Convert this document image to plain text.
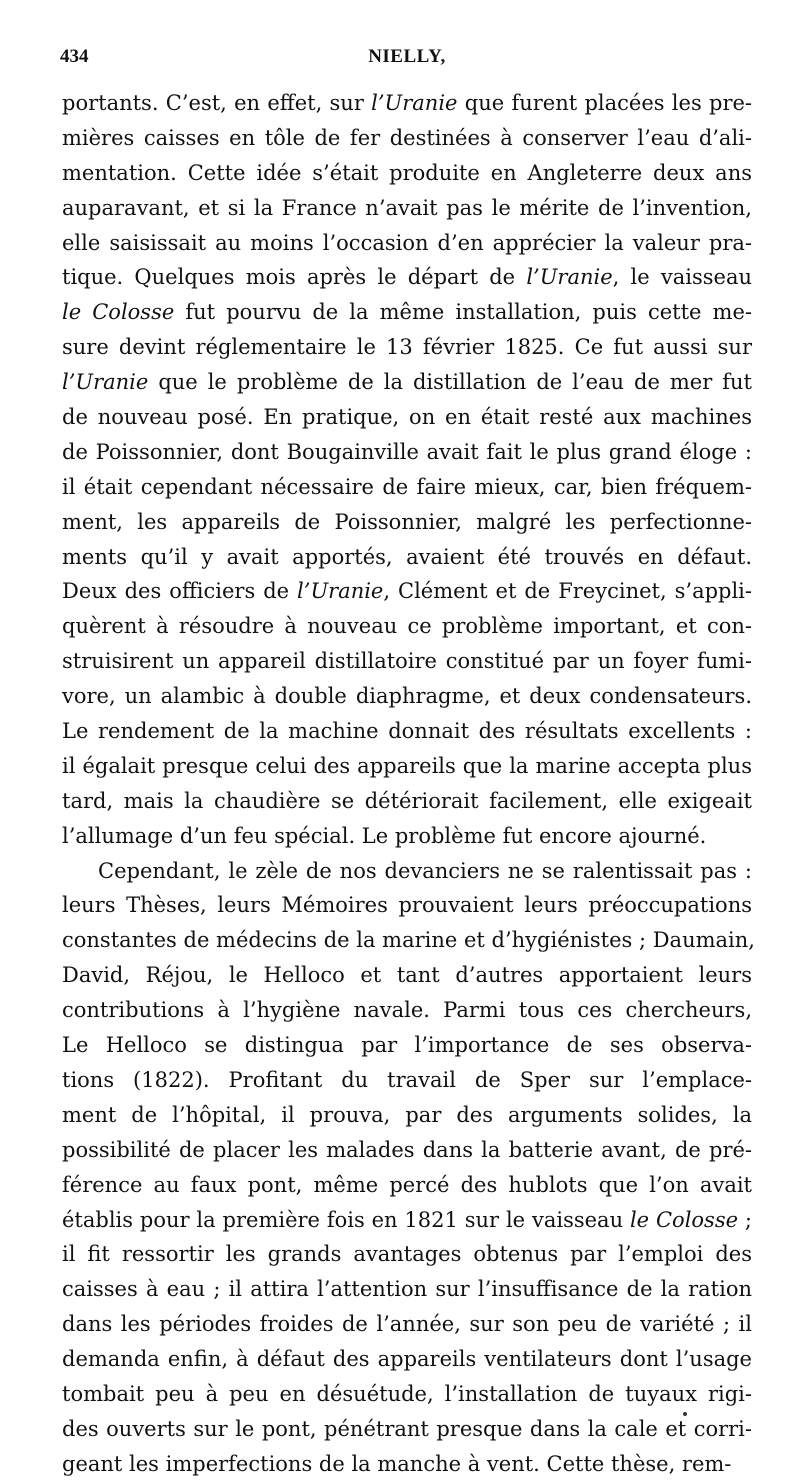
434	NIELLY,
portants. C’est, en effet, sur l’Uranie que furent placées les pre-
mières caisses en tôle de fer destinées à conserver l’eau d’ali-
mentation. Cette idée s’était produite en Angleterre deux ans
auparavant, et si la France n’avait pas le mérite de l’invention,
elle saisissait au moins l’occasion d’en apprécier la valeur pra-
tique. Quelques mois après le départ de l’Uranie, le vaisseau
le Colosse fut pourvu de la même installation, puis cette me-
sure devint réglementaire le 13 février 1825. Ce fut aussi sur
l’Uranie que le problème de la distillation de l’eau de mer fut
de nouveau posé. En pratique, on en était resté aux machines
de Poissonnier, dont Bougainville avait fait le plus grand éloge :
il était cependant nécessaire de faire mieux, car, bien fréquem-
ment, les appareils de Poissonnier, malgré les perfectionne-
ments qu’il y avait apportés, avaient été trouvés en défaut.
Deux des officiers de l’Uranie, Clément et de Freycinet, s’appli-
quèrent à résoudre à nouveau ce problème important, et con-
struisirent un appareil distillatoire constitué par un foyer fumi-
vore, un alambic à double diaphragme, et deux condensateurs.
Le rendement de la machine donnait des résultats excellents :
il égalait presque celui des appareils que la marine accepta plus
tard, mais la chaudière se détériorait facilement, elle exigeait
l’allumage d’un feu spécial. Le problème fut encore ajourné.
Cependant, le zèle de nos devanciers ne se ralentissait pas :
leurs Thèses, leurs Mémoires prouvaient leurs préoccupations
constantes de médecins de la marine et d’hygiénistes ; Daumain,
David, Réjou, le Helloco et tant d’autres apportaient leurs
contributions à l’hygiène navale. Parmi tous ces chercheurs,
Le Helloco se distingua par l’importance de ses observa-
tions (1822). Profitant du travail de Sper sur l’emplace-
ment de l’hôpital, il prouva, par des arguments solides, la
possibilité de placer les malades dans la batterie avant, de pré-
férence au faux pont, même percé des hublots que l’on avait
établis pour la première fois en 1821 sur le vaisseau le Colosse ;
il fit ressortir les grands avantages obtenus par l’emploi des
caisses à eau ; il attira l’attention sur l’insuffisance de la ration
dans les périodes froides de l’année, sur son peu de variété ; il
demanda enfin, à défaut des appareils ventilateurs dont l’usage
tombait peu à peu en désuétude, l’installation de tuyaux rigi-
des ouverts sur le pont, pénétrant presque dans la cale et corri-
geant les imperfections de la manche à vent. Cette thèse, rem-
